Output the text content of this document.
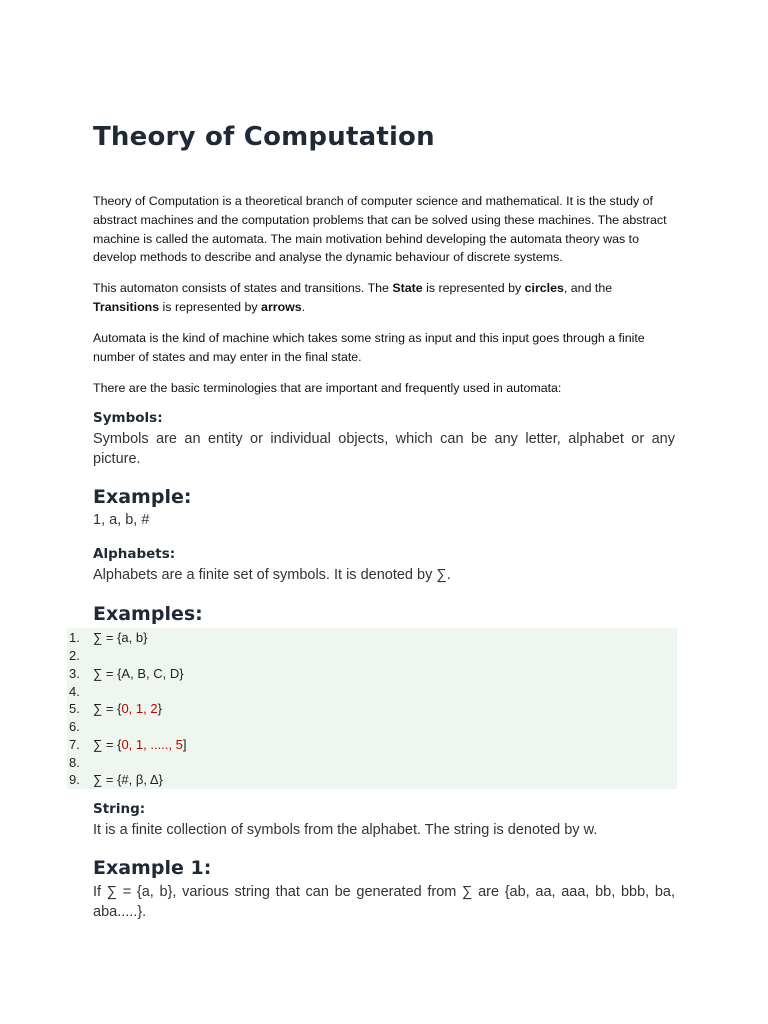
Theory of Computation

Theory of Computation is a theoretical branch of computer science and mathematical. It is the study of abstract machines and the computation problems that can be solved using these machines. The abstract machine is called the automata. The main motivation behind developing the automata theory was to develop methods to describe and analyse the dynamic behaviour of discrete systems.

This automaton consists of states and transitions. The State is represented by circles, and the Transitions is represented by arrows.

Automata is the kind of machine which takes some string as input and this input goes through a finite number of states and may enter in the final state.

There are the basic terminologies that are important and frequently used in automata:

Symbols:

Symbols are an entity or individual objects, which can be any letter, alphabet or any picture.

Example:

1, a, b, #

Alphabets:

Alphabets are a finite set of symbols. It is denoted by ∑.

Examples:
String:

It is a finite collection of symbols from the alphabet. The string is denoted by w.

Example 1:

If ∑ = {a, b}, various string that can be generated from ∑ are {ab, aa, aaa, bb, bbb, ba, aba.....}.

1.	∑ = {a, b}
2.
3.	∑ = {A, B, C, D}
4.
5.	∑ = {0, 1, 2}
6.
7.	∑ = {0, 1, ....., 5]
8.
9.	∑ = {#, β, Δ}
